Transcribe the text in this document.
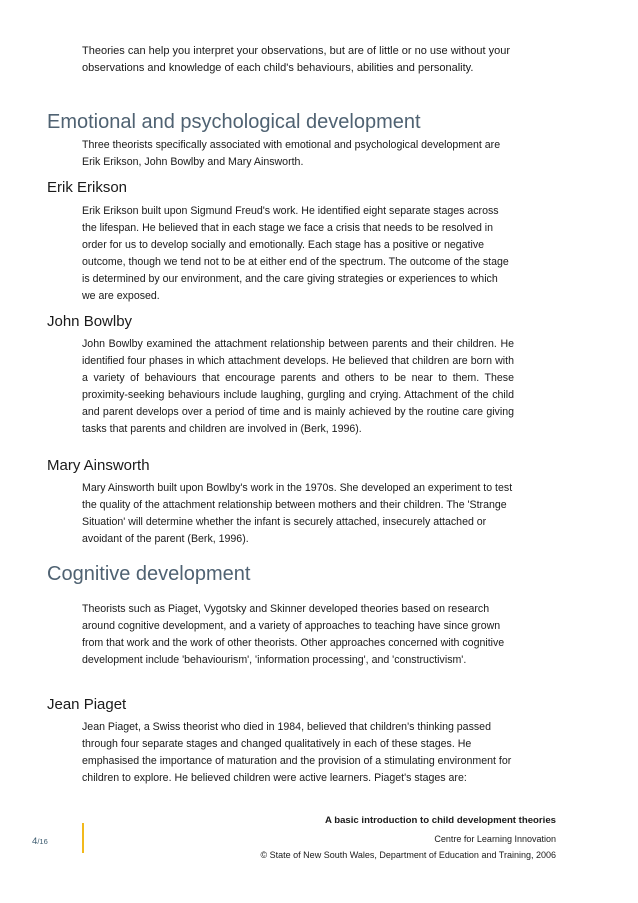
Theories can help you interpret your observations, but are of little or no use without your observations and knowledge of each child's behaviours, abilities and personality.

Emotional and psychological development

Three theorists specifically associated with emotional and psychological development are Erik Erikson, John Bowlby and Mary Ainsworth.

Erik Erikson

Erik Erikson built upon Sigmund Freud's work. He identified eight separate stages across the lifespan. He believed that in each stage we face a crisis that needs to be resolved in order for us to develop socially and emotionally. Each stage has a positive or negative outcome, though we tend not to be at either end of the spectrum. The outcome of the stage is determined by our environment, and the care giving strategies or experiences to which we are exposed.

John Bowlby

John Bowlby examined the attachment relationship between parents and their children. He identified four phases in which attachment develops. He believed that children are born with a variety of behaviours that encourage parents and others to be near to them. These proximity-seeking behaviours include laughing, gurgling and crying. Attachment of the child and parent develops over a period of time and is mainly achieved by the routine care giving tasks that parents and children are involved in (Berk, 1996).

Mary Ainsworth

Mary Ainsworth built upon Bowlby's work in the 1970s. She developed an experiment to test the quality of the attachment relationship between mothers and their children. The 'Strange Situation' will determine whether the infant is securely attached, insecurely attached or avoidant of the parent (Berk, 1996).

Cognitive development

Theorists such as Piaget, Vygotsky and Skinner developed theories based on research around cognitive development, and a variety of approaches to teaching have since grown from that work and the work of other theorists. Other approaches concerned with cognitive development include 'behaviourism', 'information processing', and 'constructivism'.

Jean Piaget

Jean Piaget, a Swiss theorist who died in 1984, believed that children's thinking passed through four separate stages and changed qualitatively in each of these stages. He emphasised the importance of maturation and the provision of a stimulating environment for children to explore. He believed children were active learners. Piaget's stages are:

4/16
A basic introduction to child development theories
Centre for Learning Innovation
© State of New South Wales, Department of Education and Training, 2006
